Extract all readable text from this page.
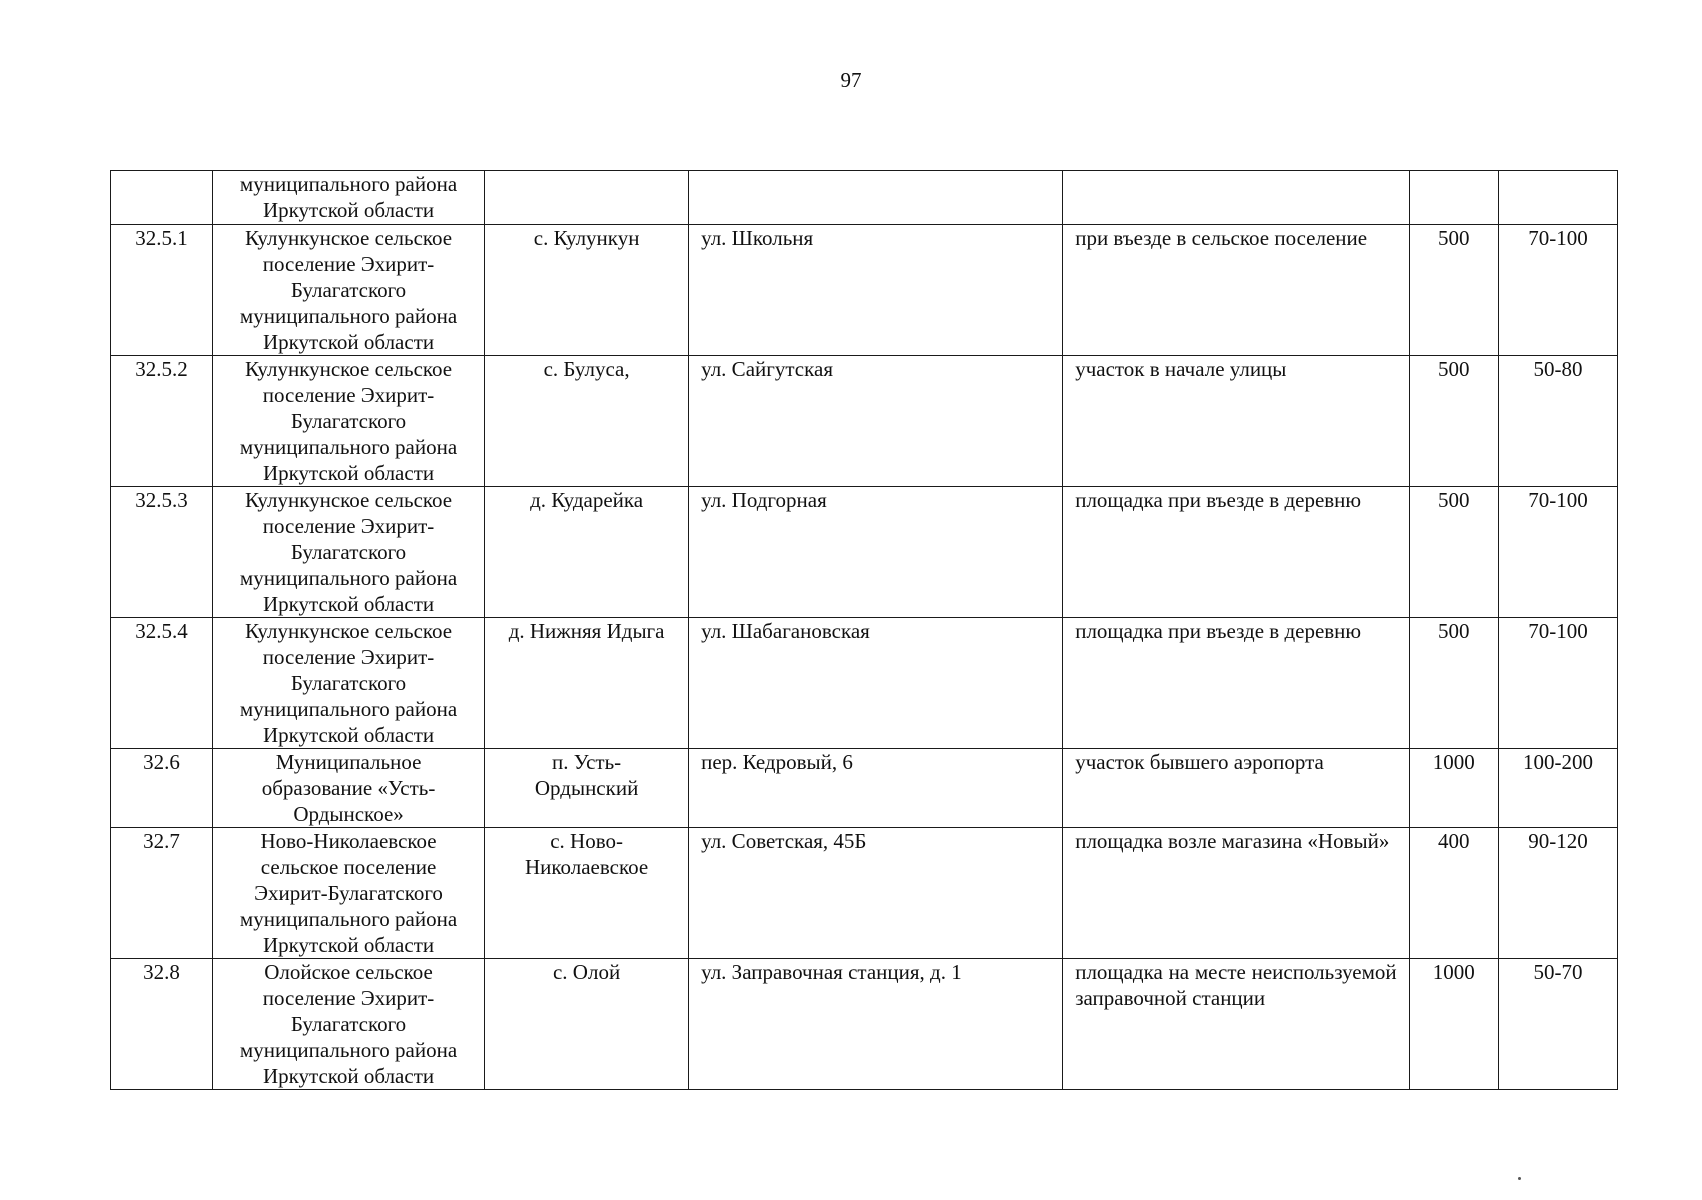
97
	муниципального района
Иркутской области					
32.5.1	Кулункунское сельское
поселение Эхирит-
Булагатского
муниципального района
Иркутской области	с. Кулункун	ул. Школьня	при въезде в сельское поселение	500	70-100
32.5.2	Кулункунское сельское
поселение Эхирит-
Булагатского
муниципального района
Иркутской области	с. Булуса,	ул. Сайгутская	участок в начале улицы	500	50-80
32.5.3	Кулункунское сельское
поселение Эхирит-
Булагатского
муниципального района
Иркутской области	д. Кударейка	ул. Подгорная	площадка при въезде в деревню	500	70-100
32.5.4	Кулункунское сельское
поселение Эхирит-
Булагатского
муниципального района
Иркутской области	д. Нижняя Идыга	ул. Шабагановская	площадка при въезде в деревню	500	70-100
32.6	Муниципальное
образование «Усть-
Ордынское»	п. Усть-
Ордынский	пер. Кедровый, 6	участок бывшего аэропорта	1000	100-200
32.7	Ново-Николаевское
сельское поселение
Эхирит-Булагатского
муниципального района
Иркутской области	с. Ново-
Николаевское	ул. Советская, 45Б	площадка возле магазина «Новый»	400	90-120
32.8	Олойское сельское
поселение Эхирит-
Булагатского
муниципального района
Иркутской области	с. Олой	ул. Заправочная станция, д. 1	площадка на месте неиспользуемой заправочной станции	1000	50-70
